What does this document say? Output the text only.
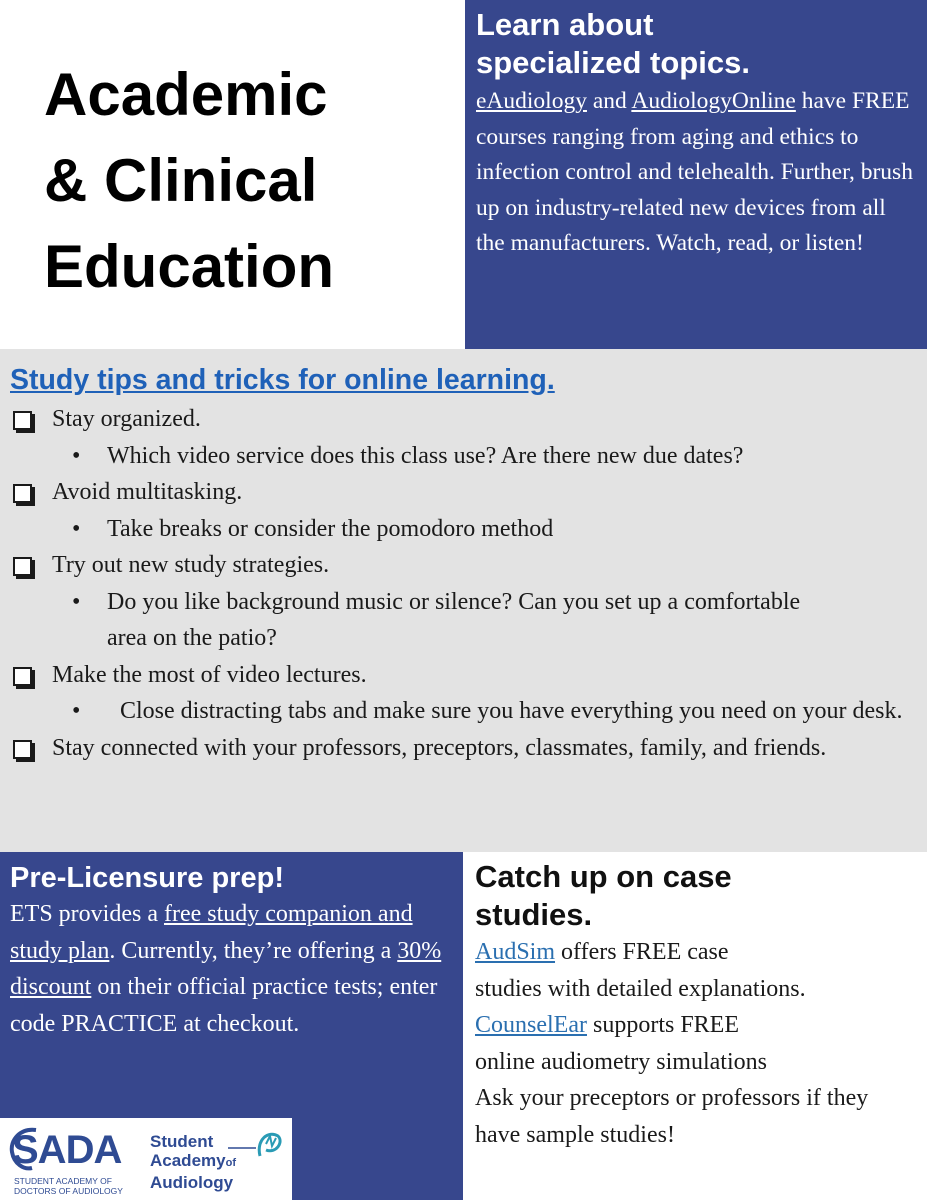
Academic
& Clinical
Education
Learn about
specialized topics.
eAudiology and AudiologyOnline have FREE courses ranging from aging and ethics to infection control and telehealth. Further, brush up on industry-related new devices from all the manufacturers. Watch, read, or listen!
Study tips and tricks for online learning.
Stay organized.
• Which video service does this class use? Are there new due dates?
Avoid multitasking.
• Take breaks or consider the pomodoro method
Try out new study strategies.
• Do you like background music or silence? Can you set up a comfortable area on the patio?
Make the most of video lectures.
• Close distracting tabs and make sure you have everything you need on your desk.
Stay connected with your professors, preceptors, classmates, family, and friends.
Pre-Licensure prep!
ETS provides a free study companion and study plan. Currently, they’re offering a 30% discount on their official practice tests; enter code PRACTICE at checkout.
Catch up on case
studies.
AudSim offers FREE case
studies with detailed explanations.
CounselEar supports FREE
online audiometry simulations
Ask your preceptors or professors if they have sample studies!
SADA
STUDENT ACADEMY OF
DOCTORS OF AUDIOLOGY
Student
Academyof
Audiology
